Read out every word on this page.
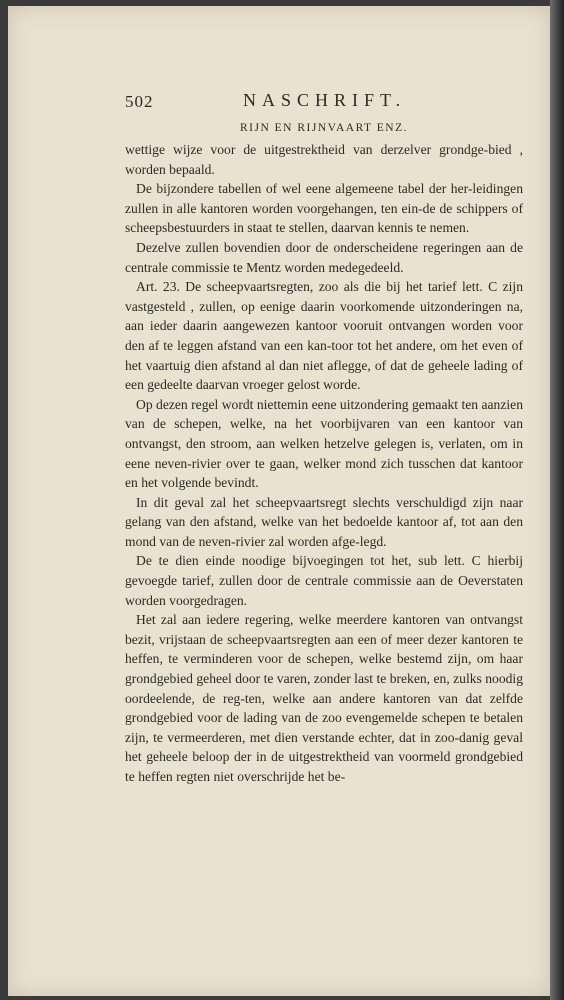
502	NASCHRIFT.
RIJN EN RIJNVAART ENZ.

wettige wijze voor de uitgestrektheid van derzelver grondge-bied , worden bepaald.

De bijzondere tabellen of wel eene algemeene tabel der her-leidingen zullen in alle kantoren worden voorgehangen, ten ein-de de schippers of scheepsbestuurders in staat te stellen, daarvan kennis te nemen.

Dezelve zullen bovendien door de onderscheidene regeringen aan de centrale commissie te Mentz worden medegedeeld.

Art. 23. De scheepvaartsregten, zoo als die bij het tarief lett. C zijn vastgesteld , zullen, op eenige daarin voorkomende uitzonderingen na, aan ieder daarin aangewezen kantoor vooruit ontvangen worden voor den af te leggen afstand van een kan-toor tot het andere, om het even of het vaartuig dien afstand al dan niet aflegge, of dat de geheele lading of een gedeelte daarvan vroeger gelost worde.

Op dezen regel wordt niettemin eene uitzondering gemaakt ten aanzien van de schepen, welke, na het voorbijvaren van een kantoor van ontvangst, den stroom, aan welken hetzelve gelegen is, verlaten, om in eene neven-rivier over te gaan, welker mond zich tusschen dat kantoor en het volgende bevindt.

In dit geval zal het scheepvaartsregt slechts verschuldigd zijn naar gelang van den afstand, welke van het bedoelde kantoor af, tot aan den mond van de neven-rivier zal worden afge-legd.

De te dien einde noodige bijvoegingen tot het, sub lett. C hierbij gevoegde tarief, zullen door de centrale commissie aan de Oeverstaten worden voorgedragen.

Het zal aan iedere regering, welke meerdere kantoren van ontvangst bezit, vrijstaan de scheepvaartsregten aan een of meer dezer kantoren te heffen, te verminderen voor de schepen, welke bestemd zijn, om haar grondgebied geheel door te varen, zonder last te breken, en, zulks noodig oordeelende, de reg-ten, welke aan andere kantoren van dat zelfde grondgebied voor de lading van de zoo evengemelde schepen te betalen zijn, te vermeerderen, met dien verstande echter, dat in zoo-danig geval het geheele beloop der in de uitgestrektheid van voormeld grondgebied te heffen regten niet overschrijde het be-
